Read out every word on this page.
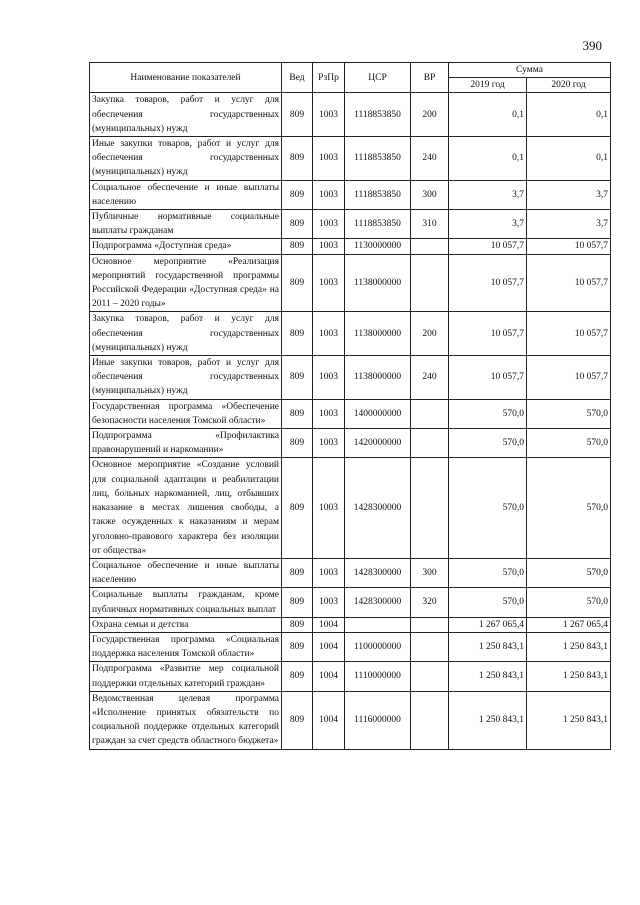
390
Наименование показателей	Вед	РзПр	ЦСР	ВР	Сумма	
					2019 год	2020 год
Закупка товаров, работ и услуг для обеспечения государственных (муниципальных) нужд	809	1003	1118853850	200	0,1	0,1
Иные закупки товаров, работ и услуг для обеспечения государственных (муниципальных) нужд	809	1003	1118853850	240	0,1	0,1
Социальное обеспечение и иные выплаты населению	809	1003	1118853850	300	3,7	3,7
Публичные нормативные социальные выплаты гражданам	809	1003	1118853850	310	3,7	3,7
Подпрограмма «Доступная среда»	809	1003	1130000000		10 057,7	10 057,7
Основное мероприятие «Реализация мероприятий государственной программы Российской Федерации «Доступная среда» на 2011 – 2020 годы»	809	1003	1138000000		10 057,7	10 057,7
Закупка товаров, работ и услуг для обеспечения государственных (муниципальных) нужд	809	1003	1138000000	200	10 057,7	10 057,7
Иные закупки товаров, работ и услуг для обеспечения государственных (муниципальных) нужд	809	1003	1138000000	240	10 057,7	10 057,7
Государственная программа «Обеспечение безопасности населения Томской области»	809	1003	1400000000		570,0	570,0
Подпрограмма «Профилактика правонарушений и наркомании»	809	1003	1420000000		570,0	570,0
Основное мероприятие «Создание условий для социальной адаптации и реабилитации лиц, больных наркоманией, лиц, отбывших наказание в местах лишения свободы, а также осужденных к наказаниям и мерам уголовно-правового характера без изоляции от общества»	809	1003	1428300000		570,0	570,0
Социальное обеспечение и иные выплаты населению	809	1003	1428300000	300	570,0	570,0
Социальные выплаты гражданам, кроме публичных нормативных социальных выплат	809	1003	1428300000	320	570,0	570,0
Охрана семьи и детства	809	1004			1 267 065,4	1 267 065,4
Государственная программа «Социальная поддержка населения Томской области»	809	1004	1100000000		1 250 843,1	1 250 843,1
Подпрограмма «Развитие мер социальной поддержки отдельных категорий граждан»	809	1004	1110000000		1 250 843,1	1 250 843,1
Ведомственная целевая программа «Исполнение принятых обязательств по социальной поддержке отдельных категорий граждан за счет средств областного бюджета»	809	1004	1116000000		1 250 843,1	1 250 843,1
